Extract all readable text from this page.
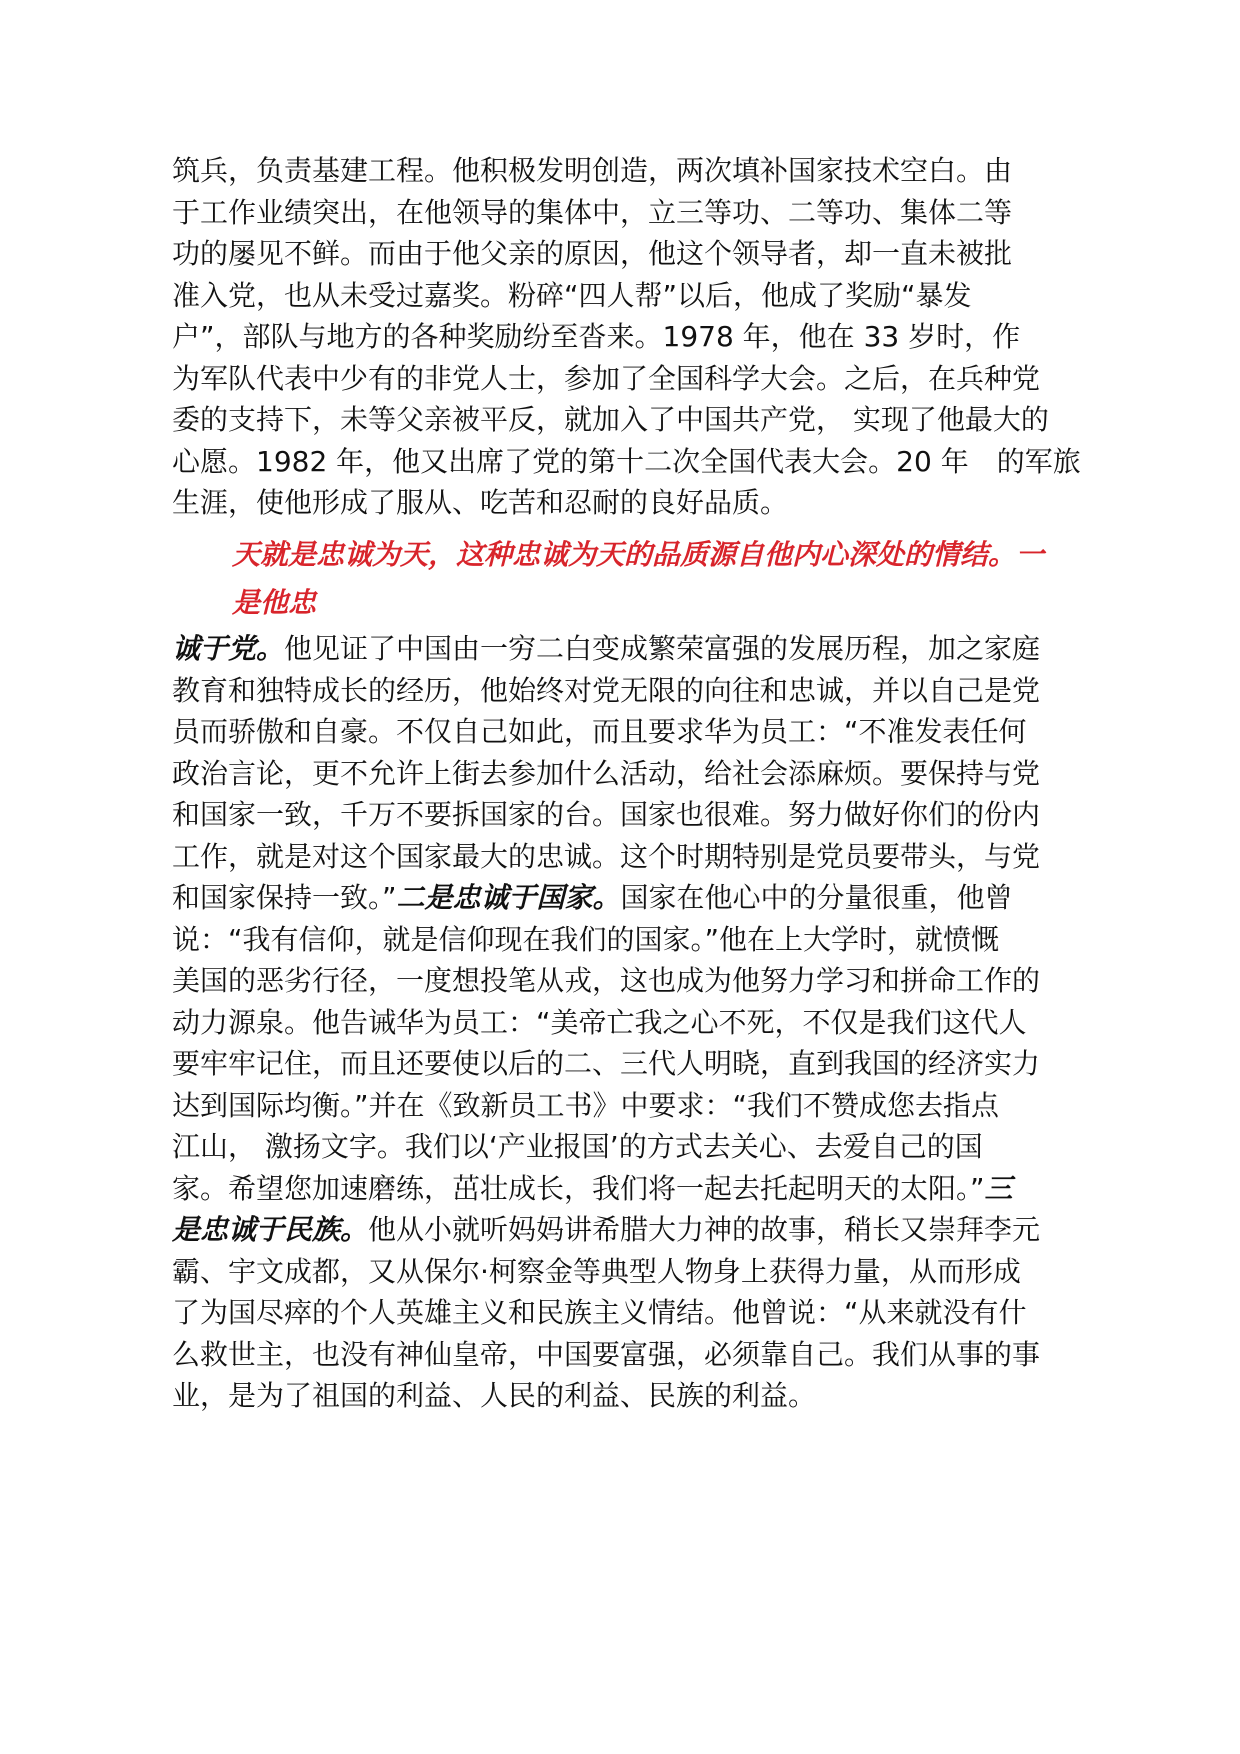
筑兵，负责基建工程。他积极发明创造，两次填补国家技术空白。由
于工作业绩突出，在他领导的集体中，立三等功、二等功、集体二等
功的屡见不鲜。而由于他父亲的原因，他这个领导者，却一直未被批
准入党，也从未受过嘉奖。粉碎“四人帮”以后，他成了奖励“暴发
户”，部队与地方的各种奖励纷至沓来。1978 年，他在 33 岁时，作
为军队代表中少有的非党人士，参加了全国科学大会。之后，在兵种党
委的支持下，未等父亲被平反，就加入了中国共产党， 实现了他最大的
心愿。1982 年，他又出席了党的第十二次全国代表大会。20 年　的军旅
生涯，使他形成了服从、吃苦和忍耐的良好品质。
天就是忠诚为天，这种忠诚为天的品质源自他内心深处的情结。一
是他忠
诚于党。他见证了中国由一穷二白变成繁荣富强的发展历程，加之家庭
教育和独特成长的经历，他始终对党无限的向往和忠诚，并以自己是党
员而骄傲和自豪。不仅自己如此，而且要求华为员工：“不准发表任何
政治言论，更不允许上街去参加什么活动，给社会添麻烦。要保持与党
和国家一致，千万不要拆国家的台。国家也很难。努力做好你们的份内
工作，就是对这个国家最大的忠诚。这个时期特别是党员要带头，与党
和国家保持一致。”二是忠诚于国家。国家在他心中的分量很重，他曾
说：“我有信仰，就是信仰现在我们的国家。”他在上大学时，就愤慨
美国的恶劣行径，一度想投笔从戎，这也成为他努力学习和拼命工作的
动力源泉。他告诫华为员工：“美帝亡我之心不死，不仅是我们这代人
要牢牢记住，而且还要使以后的二、三代人明晓，直到我国的经济实力
达到国际均衡。”并在《致新员工书》中要求：“我们不赞成您去指点
江山， 激扬文字。我们以‘产业报国’的方式去关心、去爱自己的国
家。希望您加速磨练，茁壮成长，我们将一起去托起明天的太阳。”三
是忠诚于民族。他从小就听妈妈讲希腊大力神的故事，稍长又崇拜李元
霸、宇文成都，又从保尔·柯察金等典型人物身上获得力量，从而形成
了为国尽瘁的个人英雄主义和民族主义情结。他曾说：“从来就没有什
么救世主，也没有神仙皇帝，中国要富强，必须靠自己。我们从事的事
业，是为了祖国的利益、人民的利益、民族的利益。
